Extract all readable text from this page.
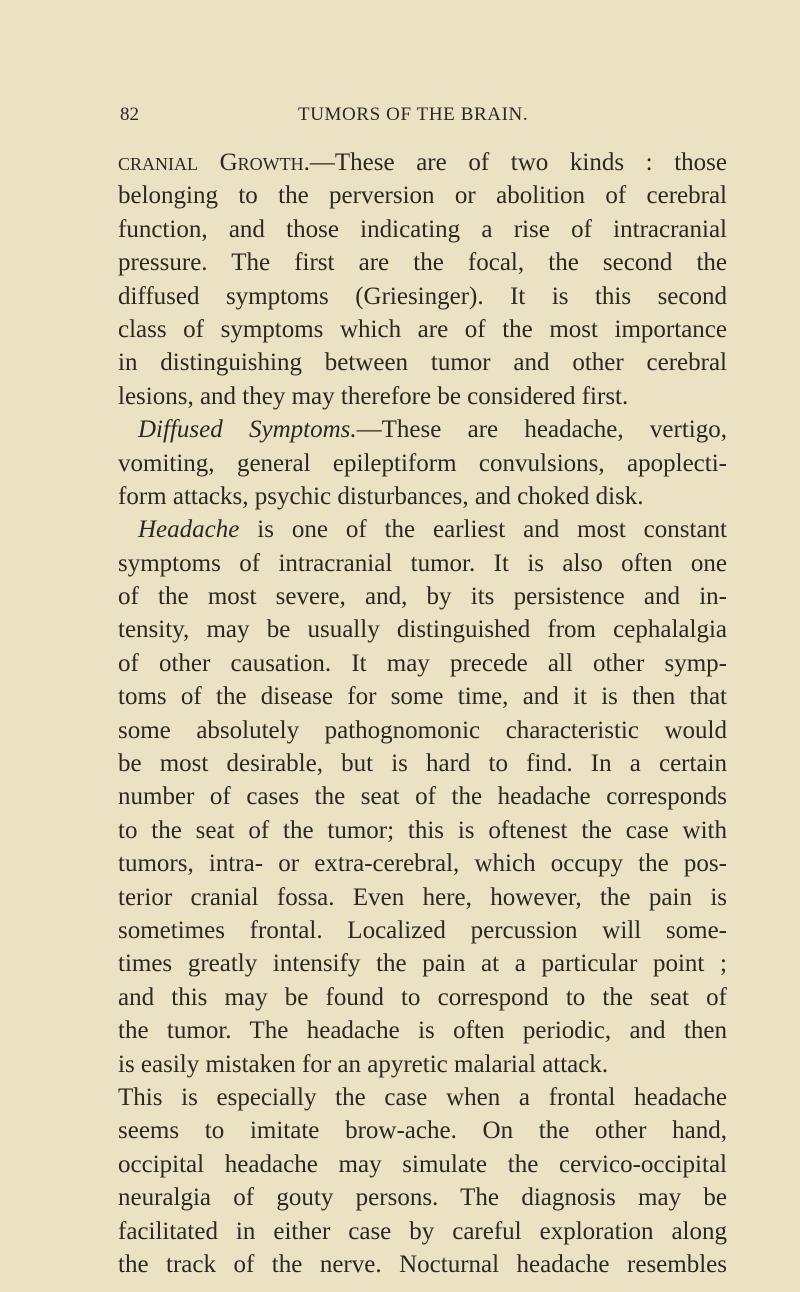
82	TUMORS OF THE BRAIN.
cranial Growth.—These are of two kinds : those
belonging to the perversion or abolition of cerebral
function, and those indicating a rise of intracranial
pressure. The first are the focal, the second the
diffused symptoms (Griesinger). It is this second
class of symptoms which are of the most importance
in distinguishing between tumor and other cerebral
lesions, and they may therefore be considered first.
Diffused Symptoms.—These are headache, vertigo,
vomiting, general epileptiform convulsions, apoplecti-
form attacks, psychic disturbances, and choked disk.
Headache is one of the earliest and most constant
symptoms of intracranial tumor. It is also often one
of the most severe, and, by its persistence and in-
tensity, may be usually distinguished from cephalalgia
of other causation. It may precede all other symp-
toms of the disease for some time, and it is then that
some absolutely pathognomonic characteristic would
be most desirable, but is hard to find. In a certain
number of cases the seat of the headache corresponds
to the seat of the tumor; this is oftenest the case with
tumors, intra- or extra-cerebral, which occupy the pos-
terior cranial fossa. Even here, however, the pain is
sometimes frontal. Localized percussion will some-
times greatly intensify the pain at a particular point ;
and this may be found to correspond to the seat of
the tumor. The headache is often periodic, and then
is easily mistaken for an apyretic malarial attack.
This is especially the case when a frontal headache
seems to imitate brow-ache. On the other hand,
occipital headache may simulate the cervico-occipital
neuralgia of gouty persons. The diagnosis may be
facilitated in either case by careful exploration along
the track of the nerve. Nocturnal headache resembles
